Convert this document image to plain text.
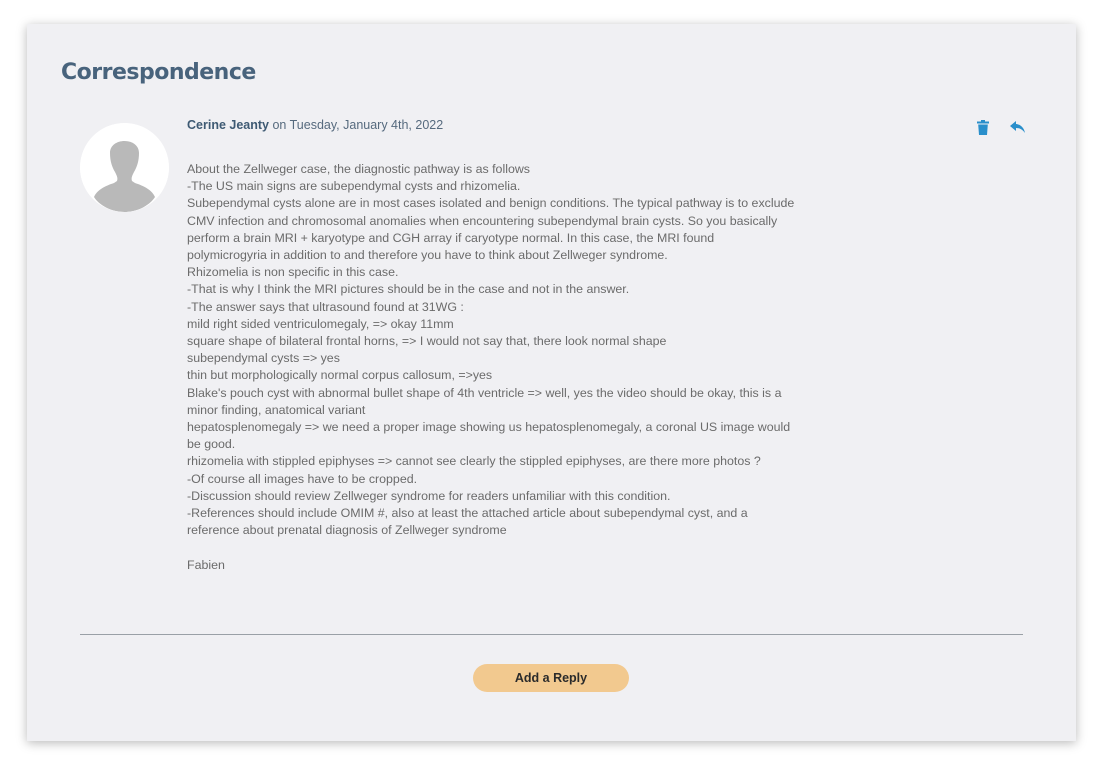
Correspondence
Cerine Jeanty on Tuesday, January 4th, 2022
About the Zellweger case, the diagnostic pathway is as follows
-The US main signs are subependymal cysts and rhizomelia.
Subependymal cysts alone are in most cases isolated and benign conditions. The typical pathway is to exclude CMV infection and chromosomal anomalies when encountering subependymal brain cysts. So you basically perform a brain MRI + karyotype and CGH array if caryotype normal. In this case, the MRI found polymicrogyria in addition to and therefore you have to think about Zellweger syndrome.
Rhizomelia is non specific in this case.
-That is why I think the MRI pictures should be in the case and not in the answer.
-The answer says that ultrasound found at 31WG :
mild right sided ventriculomegaly, => okay 11mm
square shape of bilateral frontal horns, => I would not say that, there look normal shape
subependymal cysts => yes
thin but morphologically normal corpus callosum, =>yes
Blake's pouch cyst with abnormal bullet shape of 4th ventricle => well, yes the video should be okay, this is a minor finding, anatomical variant
hepatosplenomegaly => we need a proper image showing us hepatosplenomegaly, a coronal US image would be good.
rhizomelia with stippled epiphyses => cannot see clearly the stippled epiphyses, are there more photos ?
-Of course all images have to be cropped.
-Discussion should review Zellweger syndrome for readers unfamiliar with this condition.
-References should include OMIM #, also at least the attached article about subependymal cyst, and a reference about prenatal diagnosis of Zellweger syndrome
Fabien
Add a Reply
